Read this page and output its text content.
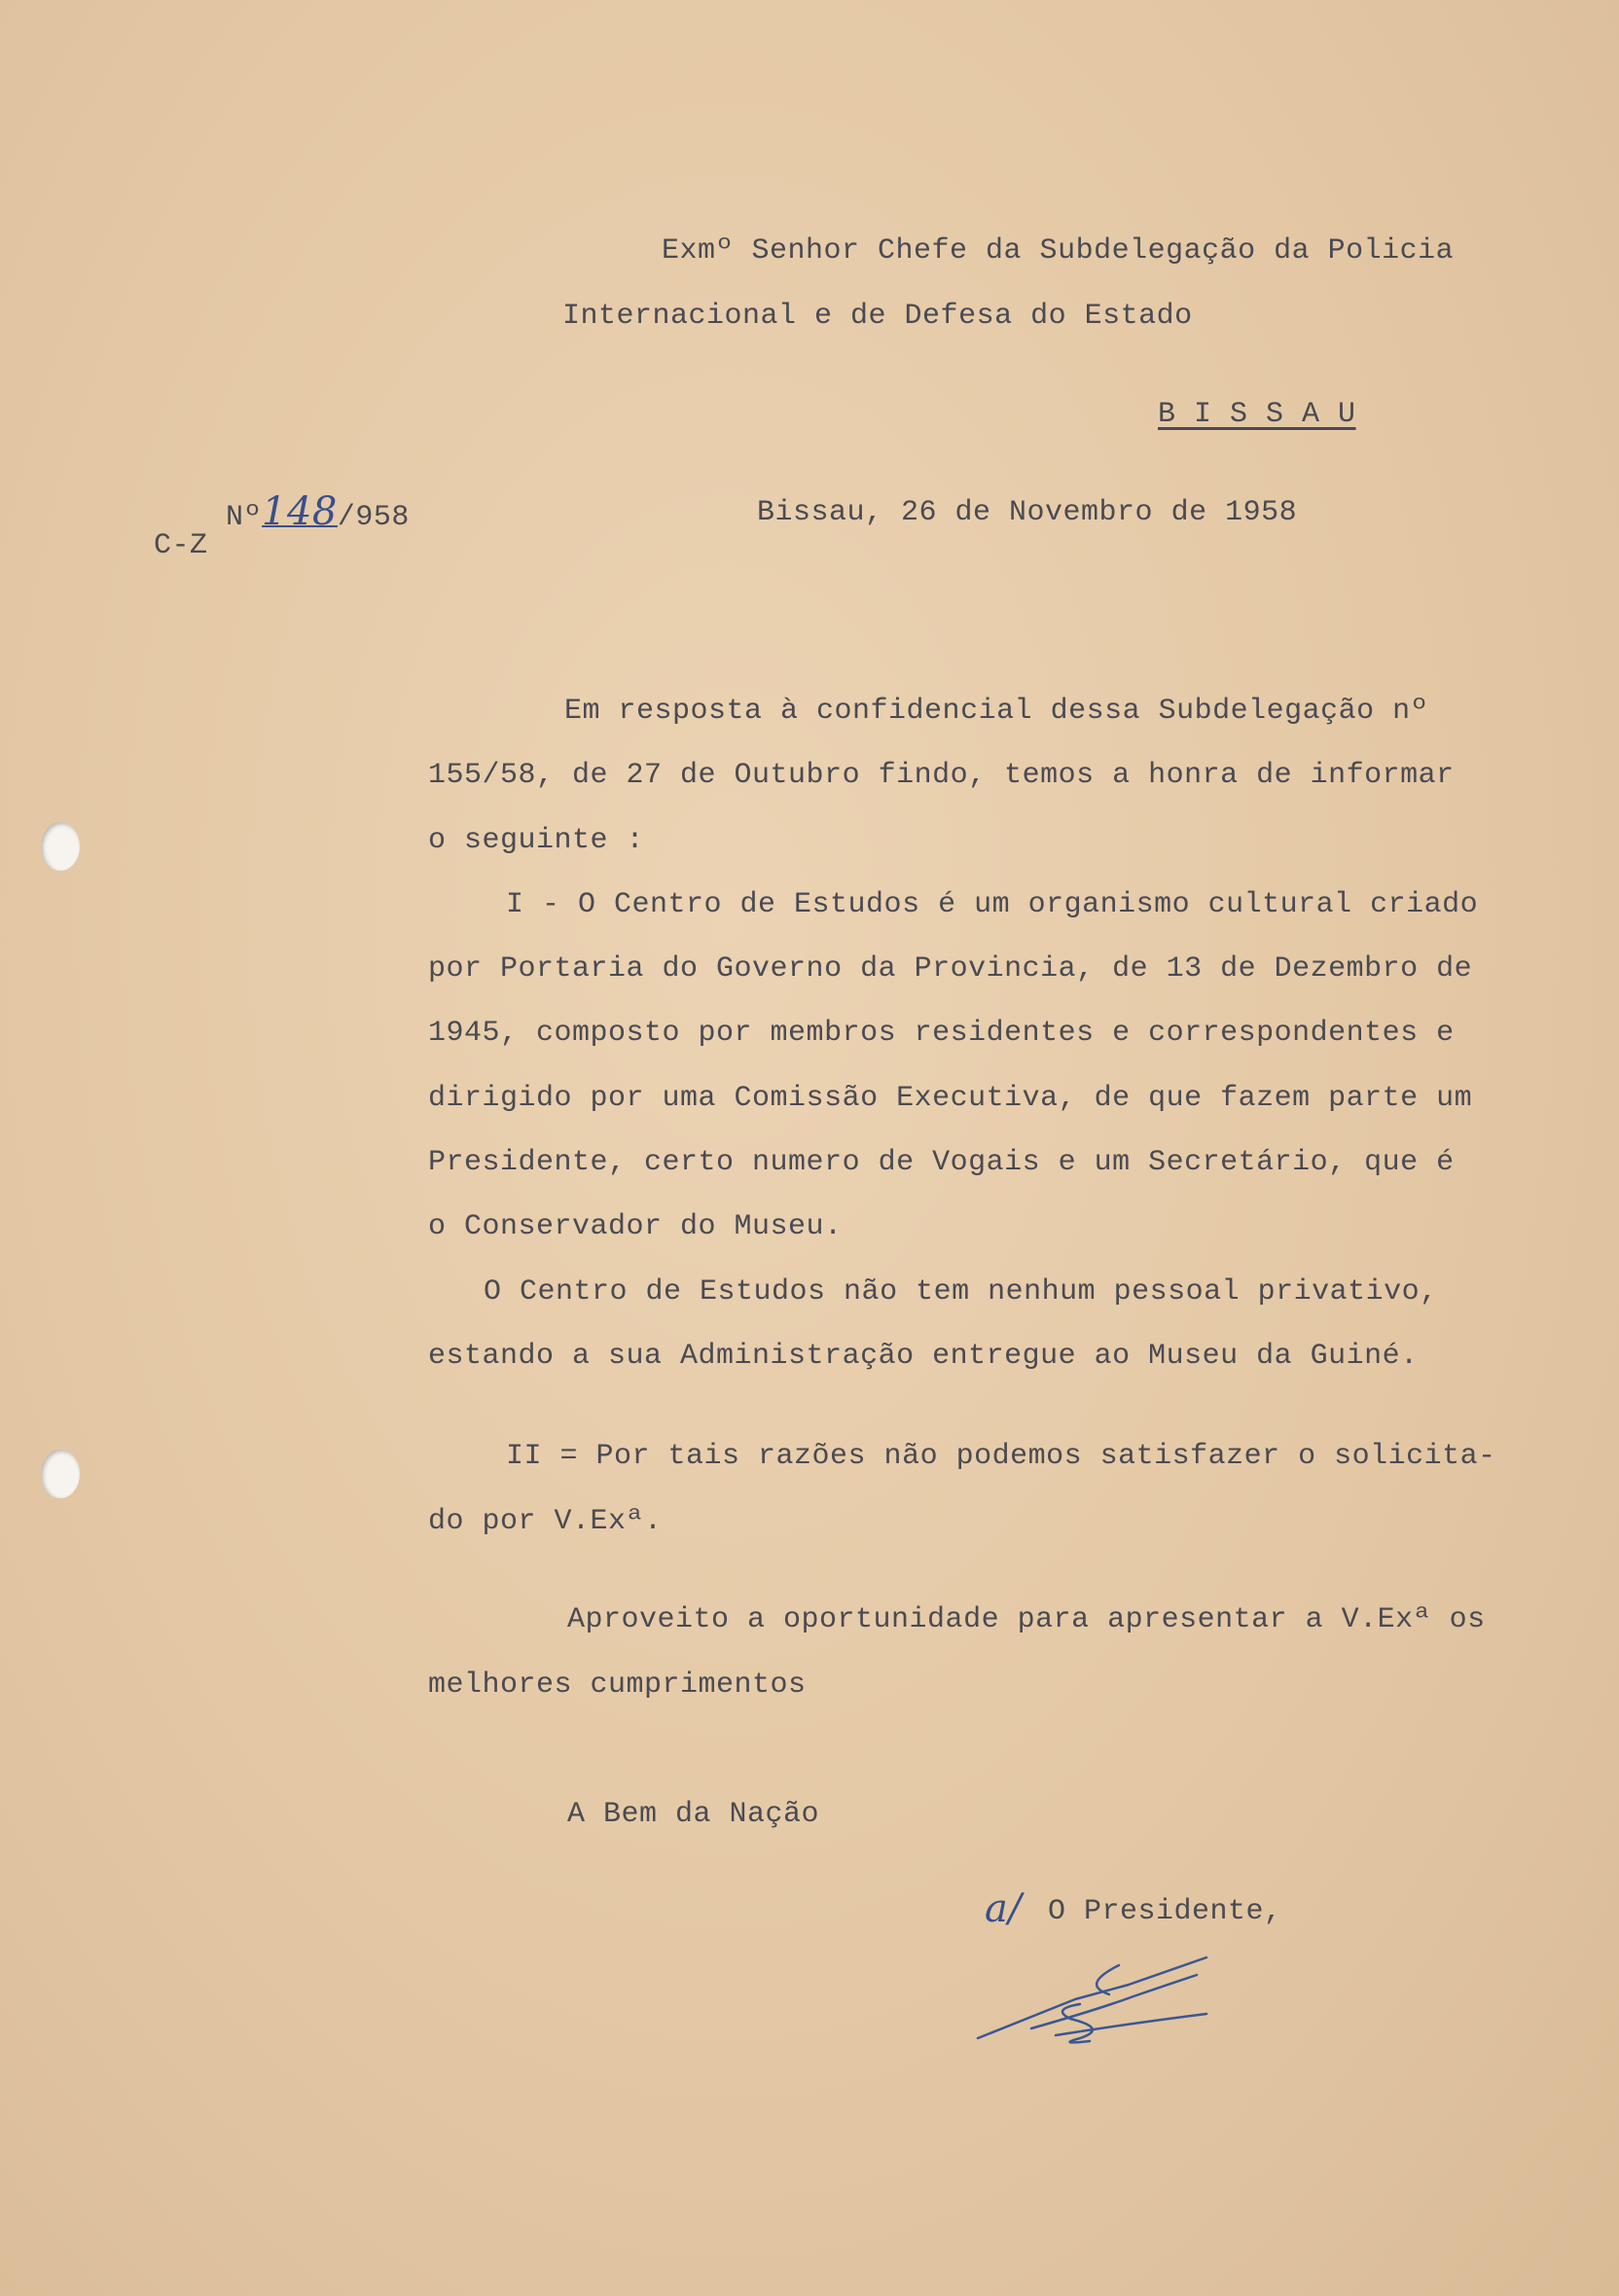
Exmº Senhor Chefe da Subdelegação da Policia

Internacional e de Defesa do Estado

B I S S A U

Nº148/958

C-Z

Bissau, 26 de Novembro de 1958

Em resposta à confidencial dessa Subdelegação nº

155/58, de 27 de Outubro findo, temos a honra de informar

o seguinte :

I - O Centro de Estudos é um organismo cultural criado

por Portaria do Governo da Provincia, de 13 de Dezembro de

1945, composto por membros residentes e correspondentes e

dirigido por uma Comissão Executiva, de que fazem parte um

Presidente, certo numero de Vogais e um Secretário, que é

o Conservador do Museu.

O Centro de Estudos não tem nenhum pessoal privativo,

estando a sua Administração entregue ao Museu da Guiné.

II = Por tais razões não podemos satisfazer o solicita-

do por V.Exª.

Aproveito a oportunidade para apresentar a V.Exª os

melhores cumprimentos

A Bem da Nação

a/ O Presidente,
